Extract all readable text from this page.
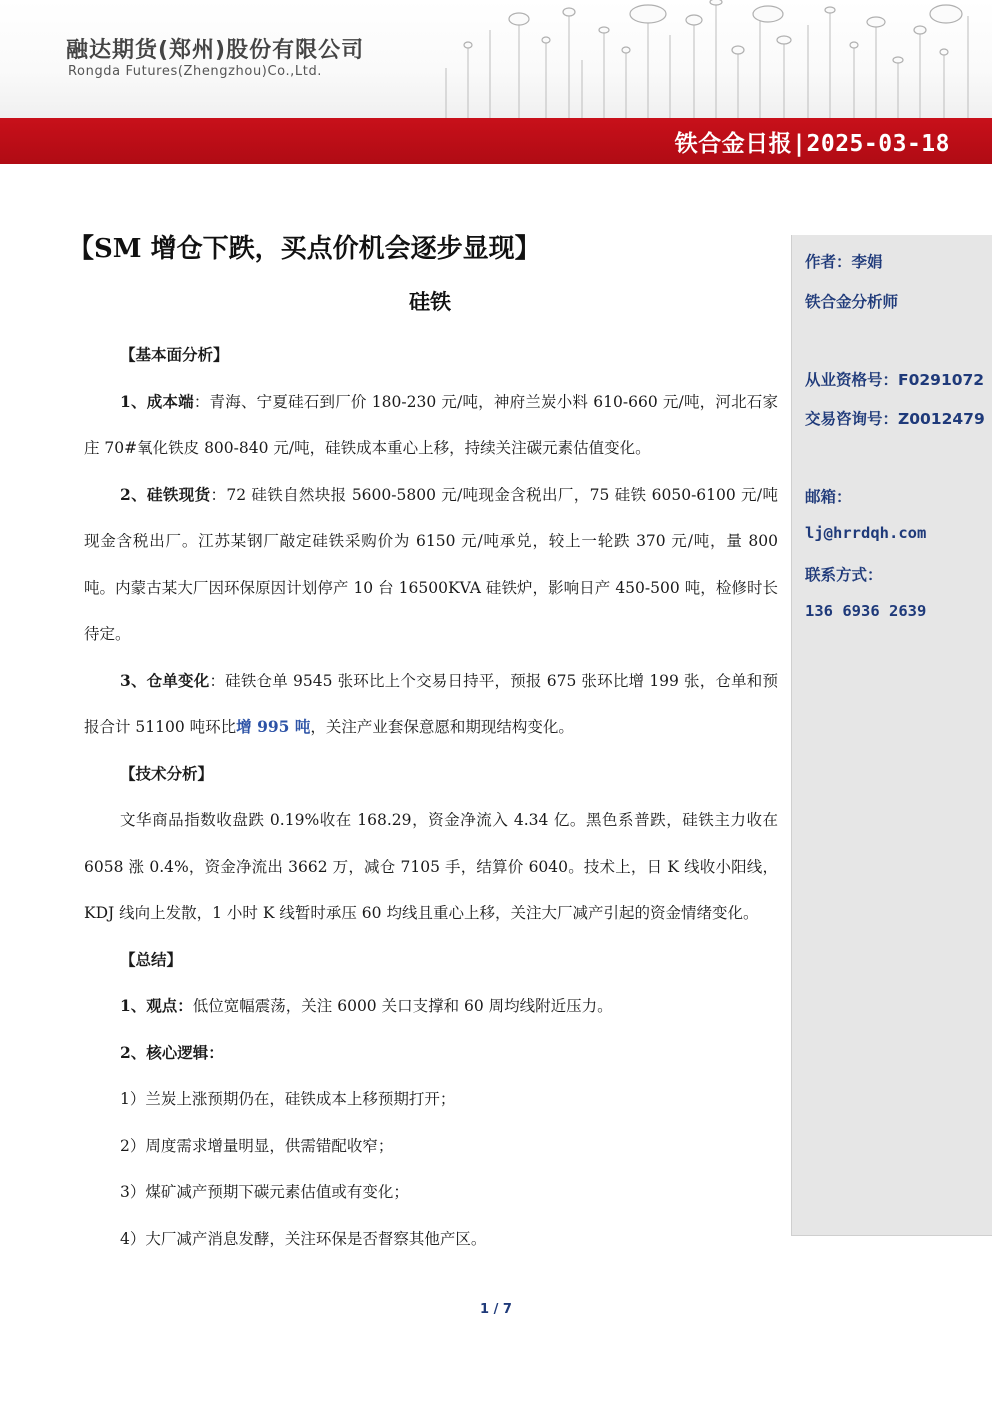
融达期货(郑州)股份有限公司
Rongda Futures(Zhengzhou)Co.,Ltd.
铁合金日报|2025-03-18
【SM 增仓下跌，买点价机会逐步显现】
硅铁

【基本面分析】

1、成本端：青海、宁夏硅石到厂价 180-230 元/吨，神府兰炭小料 610-660 元/吨，河北石家庄 70#氧化铁皮 800-840 元/吨，硅铁成本重心上移，持续关注碳元素估值变化。

2、硅铁现货：72 硅铁自然块报 5600-5800 元/吨现金含税出厂，75 硅铁 6050-6100 元/吨现金含税出厂。江苏某钢厂敲定硅铁采购价为 6150 元/吨承兑，较上一轮跌 370 元/吨，量 800 吨。内蒙古某大厂因环保原因计划停产 10 台 16500KVA 硅铁炉，影响日产 450-500 吨，检修时长待定。

3、仓单变化：硅铁仓单 9545 张环比上个交易日持平，预报 675 张环比增 199 张，仓单和预报合计 51100 吨环比增 995 吨，关注产业套保意愿和期现结构变化。

【技术分析】

文华商品指数收盘跌 0.19%收在 168.29，资金净流入 4.34 亿。黑色系普跌，硅铁主力收在 6058 涨 0.4%，资金净流出 3662 万，减仓 7105 手，结算价 6040。技术上，日 K 线收小阳线，KDJ 线向上发散，1 小时 K 线暂时承压 60 均线且重心上移，关注大厂减产引起的资金情绪变化。

【总结】

1、观点：低位宽幅震荡，关注 6000 关口支撑和 60 周均线附近压力。

2、核心逻辑：

1）兰炭上涨预期仍在，硅铁成本上移预期打开；

2）周度需求增量明显，供需错配收窄；

3）煤矿减产预期下碳元素估值或有变化；

4）大厂减产消息发酵，关注环保是否督察其他产区。

作者：李娟
铁合金分析师
从业资格号：F0291072
交易咨询号：Z0012479
邮箱：
lj@hrrdqh.com
联系方式：
136 6936 2639
1 / 7
